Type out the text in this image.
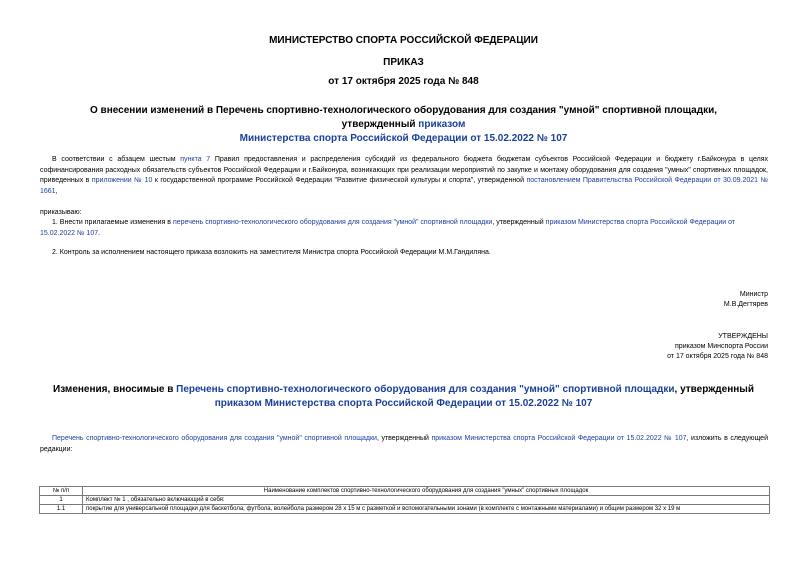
МИНИСТЕРСТВО СПОРТА РОССИЙСКОЙ ФЕДЕРАЦИИ
ПРИКАЗ
от 17 октября 2025 года № 848
О внесении изменений в Перечень спортивно-технологического оборудования для создания "умной" спортивной площадки, утвержденный приказом
Министерства спорта Российской Федерации от 15.02.2022 № 107
В соответствии с абзацем шестым пункта 7 Правил предоставления и распределения субсидий из федерального бюджета бюджетам субъектов Российской Федерации и бюджету г.Байконура в целях софинансирования расходных обязательств субъектов Российской Федерации и г.Байконура, возникающих при реализации мероприятий по закупке и монтажу оборудования для создания "умных" спортивных площадок, приведенных в приложении № 10 к государственной программе Российской Федерации "Развитие физической культуры и спорта", утвержденной постановлением Правительства Российской Федерации от 30.09.2021 № 1661,
приказываю:
1. Внести прилагаемые изменения в перечень спортивно-технологического оборудования для создания "умной" спортивной площадки, утвержденный приказом Министерства спорта Российской Федерации от 15.02.2022 № 107.
2. Контроль за исполнением настоящего приказа возложить на заместителя Министра спорта Российской Федерации М.М.Гандиляна.
Министр
М.В.Дегтярев
УТВЕРЖДЕНЫ
приказом Минспорта России
от 17 октября 2025 года № 848
Изменения, вносимые в Перечень спортивно-технологического оборудования для создания "умной" спортивной площадки, утвержденный приказом Министерства спорта Российской Федерации от 15.02.2022 № 107
Перечень спортивно-технологического оборудования для создания "умной" спортивной площадки, утвержденный приказом Министерства спорта Российской Федерации от 15.02.2022 № 107, изложить в следующей редакции:
№ п/п	Наименование комплектов спортивно-технологического оборудования для создания "умных" спортивных площадок
1	Комплект № 1 , обязательно включающий в себя:
1.1	покрытие для универсальной площадки для баскетбола, футбола, волейбола размером 28 х 15 м с разметкой и вспомогательными зонами (в комплекте с монтажными материалами) и общим размером 32 х 19 м
